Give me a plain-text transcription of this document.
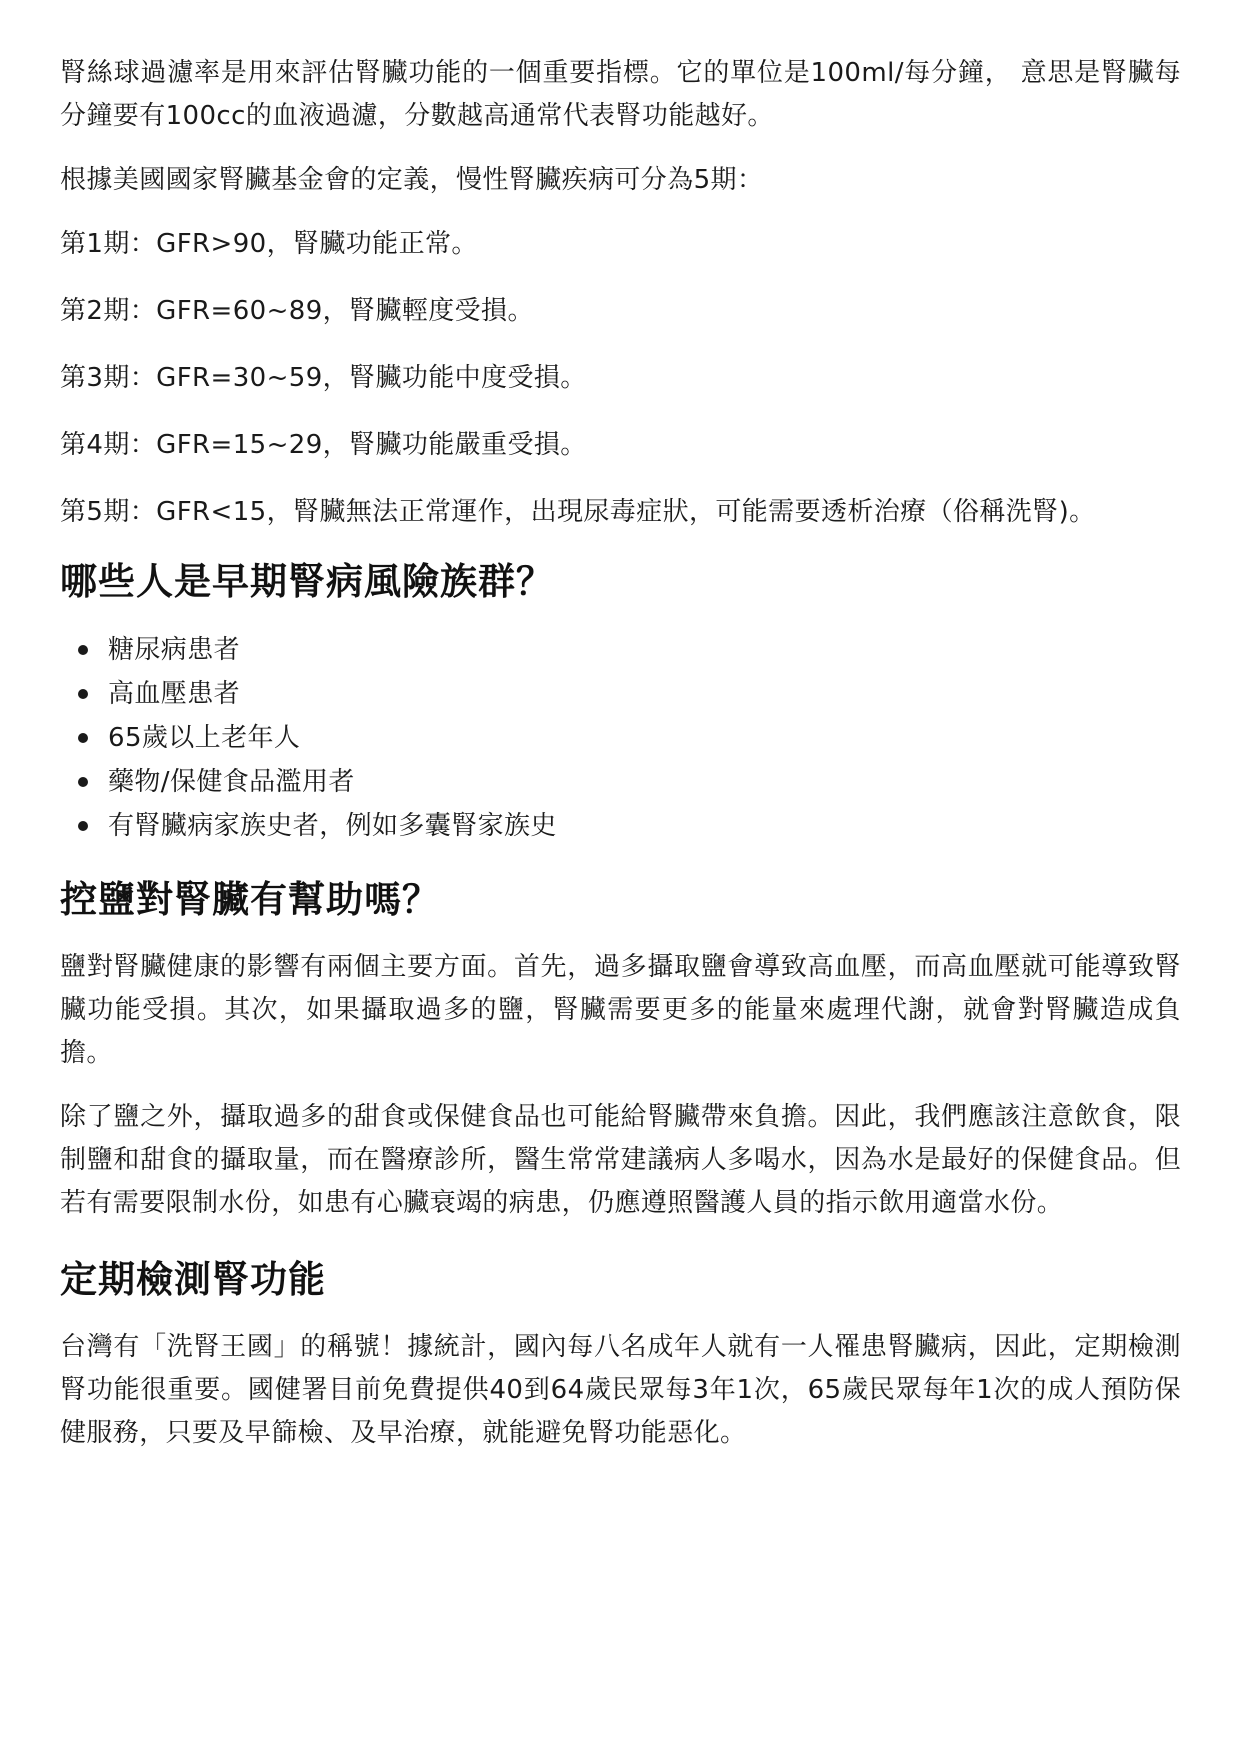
腎絲球過濾率是用來評估腎臟功能的一個重要指標。它的單位是100ml/每分鐘， 意思是腎臟每分鐘要有100cc的血液過濾，分數越高通常代表腎功能越好。

根據美國國家腎臟基金會的定義，慢性腎臟疾病可分為5期：

第1期：GFR>90，腎臟功能正常。

第2期：GFR=60~89，腎臟輕度受損。

第3期：GFR=30~59，腎臟功能中度受損。

第4期：GFR=15~29，腎臟功能嚴重受損。

第5期：GFR<15，腎臟無法正常運作，出現尿毒症狀，可能需要透析治療（俗稱洗腎)。

哪些人是早期腎病風險族群？
糖尿病患者
高血壓患者
65歲以上老年人
藥物/保健食品濫用者
有腎臟病家族史者，例如多囊腎家族史
控鹽對腎臟有幫助嗎？

鹽對腎臟健康的影響有兩個主要方面。首先，過多攝取鹽會導致高血壓，而高血壓就可能導致腎臟功能受損。其次，如果攝取過多的鹽，腎臟需要更多的能量來處理代謝，就會對腎臟造成負擔。

除了鹽之外，攝取過多的甜食或保健食品也可能給腎臟帶來負擔。因此，我們應該注意飲食，限制鹽和甜食的攝取量，而在醫療診所，醫生常常建議病人多喝水，因為水是最好的保健食品。但若有需要限制水份，如患有心臟衰竭的病患，仍應遵照醫護人員的指示飲用適當水份。

定期檢測腎功能

台灣有「洗腎王國」的稱號！據統計，國內每八名成年人就有一人罹患腎臟病，因此，定期檢測腎功能很重要。國健署目前免費提供40到64歲民眾每3年1次，65歲民眾每年1次的成人預防保健服務，只要及早篩檢、及早治療，就能避免腎功能惡化。
